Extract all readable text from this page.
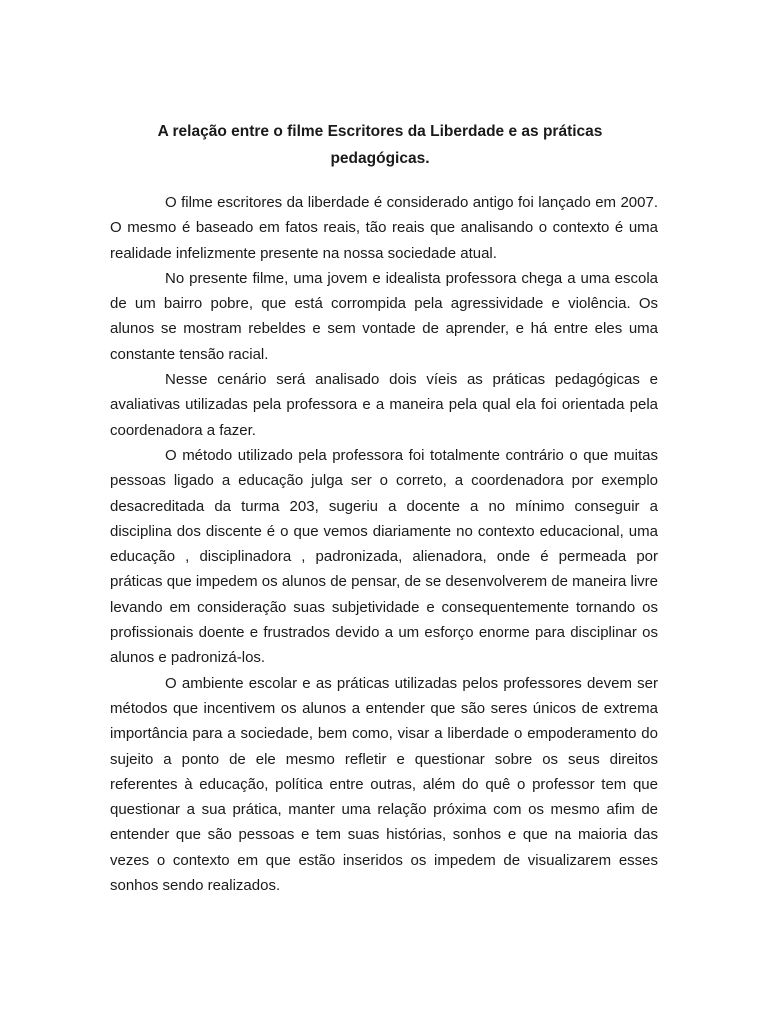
A relação entre o filme Escritores da Liberdade e as práticas
pedagógicas.

O filme escritores da liberdade é considerado antigo foi lançado em 2007. O mesmo é baseado em fatos reais, tão reais que analisando o contexto é uma realidade infelizmente presente na nossa sociedade atual.

No presente filme, uma jovem e idealista professora chega a uma escola de um bairro pobre, que está corrompida pela agressividade e violência. Os alunos se mostram rebeldes e sem vontade de aprender, e há entre eles uma constante tensão racial.

Nesse cenário será analisado dois víeis as práticas pedagógicas e avaliativas utilizadas pela professora e a maneira pela qual ela foi orientada pela coordenadora a fazer.

O método utilizado pela professora foi totalmente contrário o que muitas pessoas ligado a educação julga ser o correto, a coordenadora por exemplo desacreditada da turma 203, sugeriu a docente a no mínimo conseguir a disciplina dos discente é o que vemos diariamente no contexto educacional, uma educação , disciplinadora , padronizada, alienadora, onde é permeada por práticas que impedem os alunos de pensar, de se desenvolverem de maneira livre levando em consideração suas subjetividade e consequentemente tornando os profissionais doente e frustrados devido a um esforço enorme para disciplinar os alunos e padronizá-los.

O ambiente escolar e as práticas utilizadas pelos professores devem ser métodos que incentivem os alunos a entender que são seres únicos de extrema importância para a sociedade, bem como, visar a liberdade o empoderamento do sujeito a ponto de ele mesmo refletir e questionar sobre os seus direitos referentes à educação, política entre outras, além do quê o professor tem que questionar a sua prática, manter uma relação próxima com os mesmo afim de entender que são pessoas e tem suas histórias, sonhos e que na maioria das vezes o contexto em que estão inseridos os impedem de visualizarem esses sonhos sendo realizados.
